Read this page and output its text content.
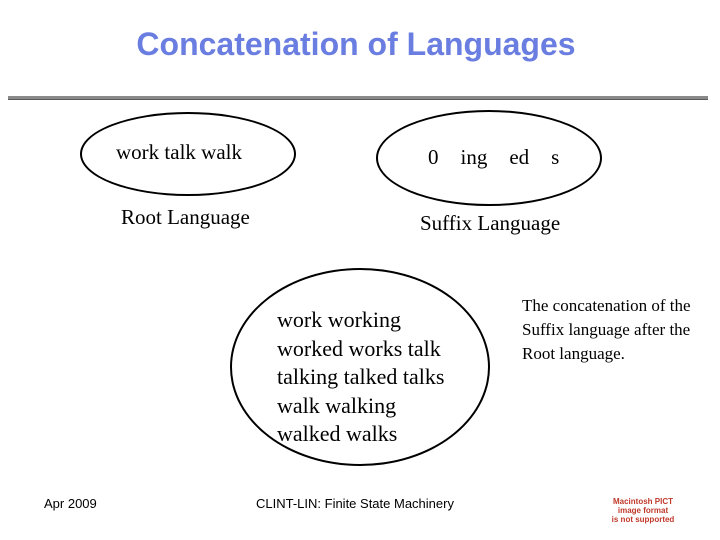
Concatenation of Languages
work talk walk
Root Language
0 ing ed s
Suffix Language
work working
worked works talk
talking talked talks
walk walking
walked walks
The concatenation of the Suffix language after the Root language.
Apr 2009	CLINT-LIN: Finite State Machinery	Macintosh PICT
image format
is not supported
